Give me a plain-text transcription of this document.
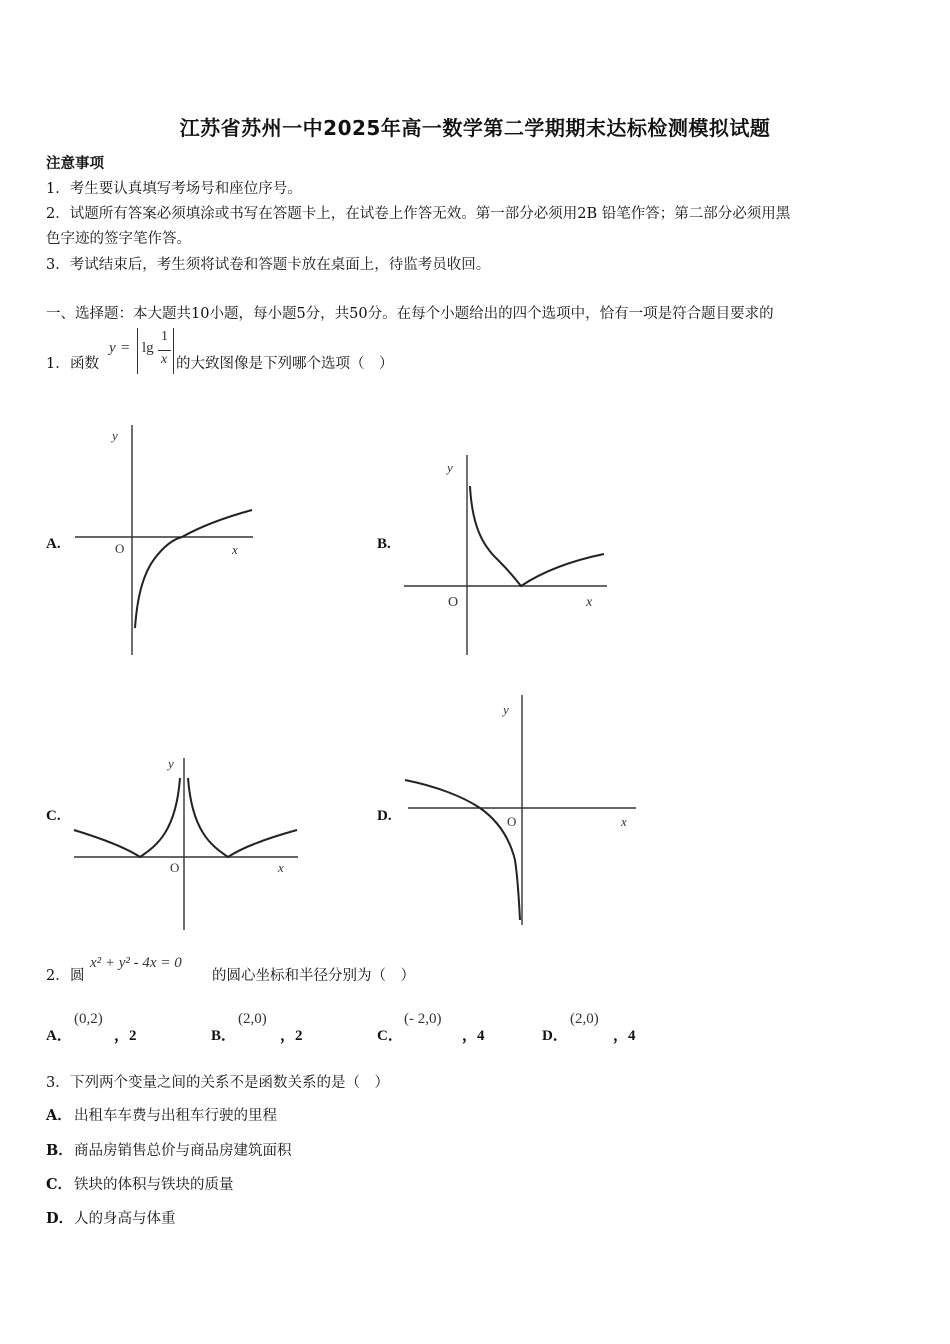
江苏省苏州一中2025年高一数学第二学期期末达标检测模拟试题
注意事项
1．考生要认真填写考场号和座位序号。
2．试题所有答案必须填涂或书写在答题卡上，在试卷上作答无效。第一部分必须用2B 铅笔作答；第二部分必须用黑
色字迹的签字笔作答。
3．考试结束后，考生须将试卷和答题卡放在桌面上，待监考员收回。
一、选择题：本大题共10小题，每小题5分，共50分。在每个小题给出的四个选项中，恰有一项是符合题目要求的
1． 函数
y = lg
1
x 的大致图像是下列哪个选项（　）
A.
y
O	x	B.
y
O	x
C.
y
O	x
D.
y
O	x
2． 圆
x² + y² - 4x = 0
的圆心坐标和半径分别为（　）
A．
(0,2)
，2	B．
(2,0)
，2	C．
(- 2,0)
，4	D．
(2,0)
，4
3． 下列两个变量之间的关系不是函数关系的是（　）
A． 出租车车费与出租车行驶的里程
B． 商品房销售总价与商品房建筑面积
C． 铁块的体积与铁块的质量
D． 人的身高与体重
